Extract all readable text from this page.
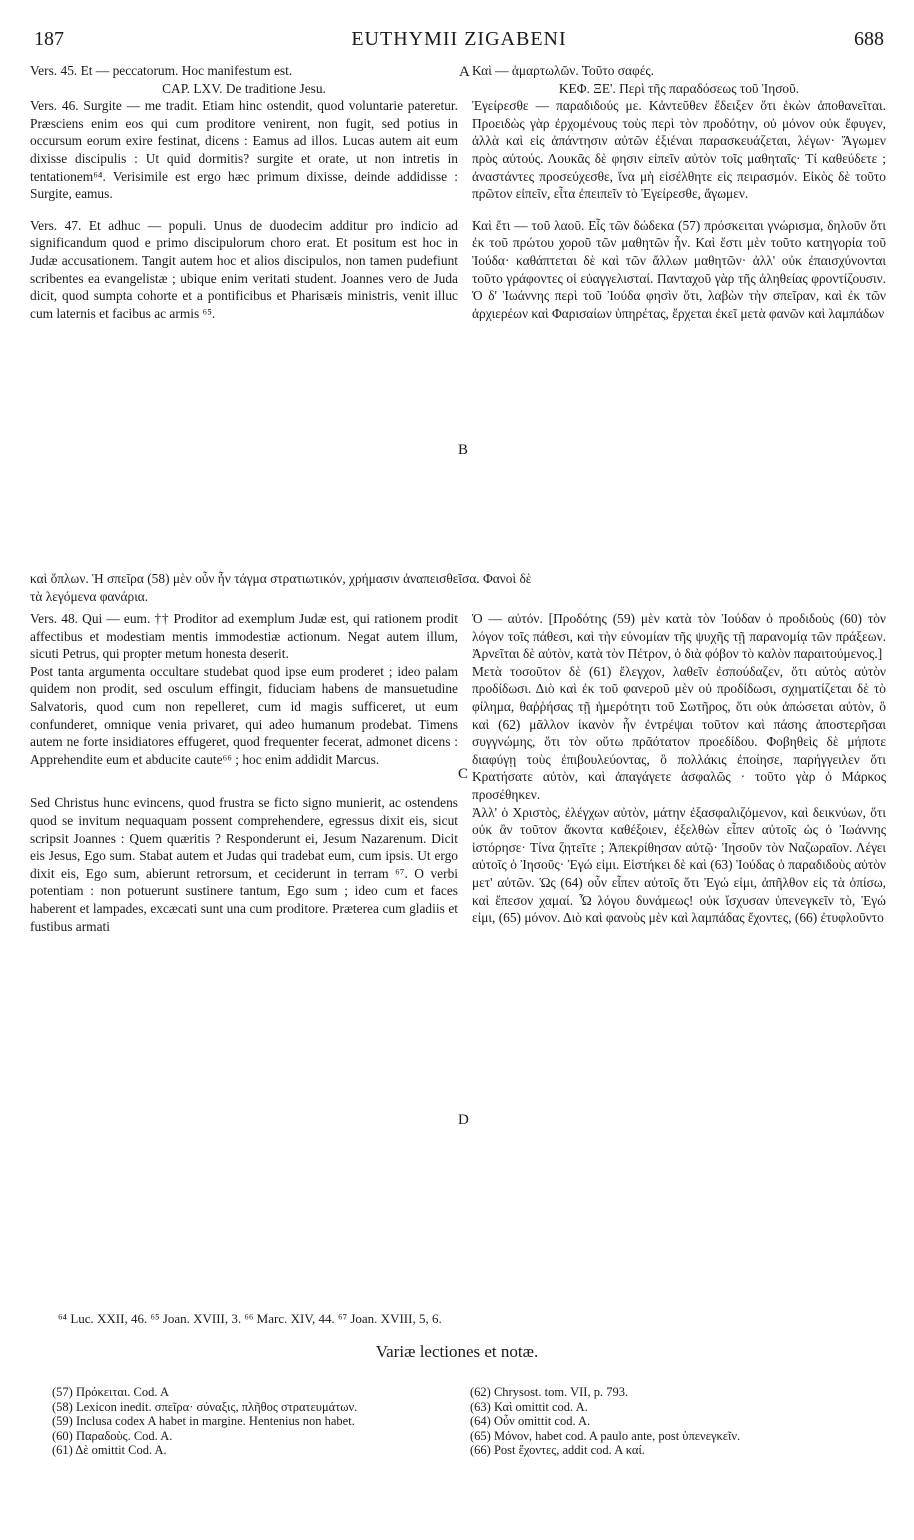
187	EUTHYMII ZIGABENI	688

Vers. 45. Et — peccatorum. Hoc manifestum est.

CAP. LXV. De traditione Jesu.

Vers. 46. Surgite — me tradit. Etiam hinc ostendit, quod voluntarie pateretur. Præsciens enim eos qui cum proditore venirent, non fugit, sed potius in occursum eorum exire festinat, dicens : Eamus ad illos. Lucas autem ait eum dixisse discipulis : Ut quid dormitis? surgite et orate, ut non intretis in tentationem⁶⁴. Verisimile est ergo hæc primum dixisse, deinde addidisse : Surgite, eamus.

Vers. 47. Et adhuc — populi. Unus de duodecim additur pro indicio ad significandum quod e primo discipulorum choro erat. Et positum est hoc in Judæ accusationem. Tangit autem hoc et alios discipulos, non tamen pudefiunt scribentes ea evangelistæ ; ubique enim veritati student. Joannes vero de Juda dicit, quod sumpta cohorte et a pontificibus et Pharisæis ministris, venit illuc cum laternis et facibus ac armis ⁶⁵.

καὶ ὅπλων. Ἡ σπεῖρα (58) μὲν οὖν ἦν τάγμα στρατιωτικόν, χρήμασιν ἀναπεισθεῖσα. Φανοὶ δὲ
τὰ λεγόμενα φανάρια.

Vers. 48. Qui — eum. †† Proditor ad exemplum Judæ est, qui rationem prodit affectibus et modestiam mentis immodestiæ actionum. Negat autem illum, sicuti Petrus, qui propter metum honesta deserit.

Post tanta argumenta occultare studebat quod ipse eum proderet ; ideo palam quidem non prodit, sed osculum effingit, fiduciam habens de mansuetudine Salvatoris, quod cum non repelleret, cum id magis sufficeret, ut eum confunderet, omnique venia privaret, qui adeo humanum prodebat. Timens autem ne forte insidiatores effugeret, quod frequenter fecerat, admonet dicens : Apprehendite eum et abducite caute⁶⁶ ; hoc enim addidit Marcus.

Sed Christus hunc evincens, quod frustra se ficto signo munierit, ac ostendens quod se invitum nequaquam possent comprehendere, egressus dixit eis, sicut scripsit Joannes : Quem quæritis ? Responderunt ei, Jesum Nazarenum. Dicit eis Jesus, Ego sum. Stabat autem et Judas qui tradebat eum, cum ipsis. Ut ergo dixit eis, Ego sum, abierunt retrorsum, et ceciderunt in terram ⁶⁷. O verbi potentiam : non potuerunt sustinere tantum, Ego sum ; ideo cum et faces haberent et lampades, excæcati sunt una cum proditore. Præterea cum gladiis et fustibus armati

Καὶ — ἁμαρτωλῶν. Τοῦτο σαφές.

ΚΕΦ. ΞΕ'. Περὶ τῆς παραδόσεως τοῦ Ἰησοῦ.

Ἐγείρεσθε — παραδιδούς με. Κἀντεῦθεν ἔδειξεν ὅτι ἑκὼν ἀποθανεῖται. Προειδὼς γὰρ ἐρχομένους τοὺς περὶ τὸν προδότην, οὐ μόνον οὐκ ἔφυγεν, ἀλλὰ καὶ εἰς ἀπάντησιν αὐτῶν ἐξιέναι παρασκευάζεται, λέγων· Ἄγωμεν πρὸς αὐτούς. Λουκᾶς δὲ φησιν εἰπεῖν αὐτὸν τοῖς μαθηταῖς· Τί καθεύδετε ; ἀναστάντες προσεύχεσθε, ἵνα μὴ εἰσέλθητε εἰς πειρασμόν. Εἰκὸς δὲ τοῦτο πρῶτον εἰπεῖν, εἶτα ἐπειπεῖν τὸ Ἐγείρεσθε, ἄγωμεν.

Καὶ ἔτι — τοῦ λαοῦ. Εἷς τῶν δώδεκα (57) πρόσκειται γνώρισμα, δηλοῦν ὅτι ἐκ τοῦ πρώτου χοροῦ τῶν μαθητῶν ἦν. Καὶ ἔστι μὲν τοῦτο κατηγορία τοῦ Ἰούδα· καθάπτεται δὲ καὶ τῶν ἄλλων μαθητῶν· ἀλλ' οὐκ ἐπαισχύνονται τοῦτο γράφοντες οἱ εὐαγγελισταί. Πανταχοῦ γὰρ τῆς ἀληθείας φροντίζουσιν. Ὁ δ' Ἰωάννης περὶ τοῦ Ἰούδα φησὶν ὅτι, λαβὼν τὴν σπεῖραν, καὶ ἐκ τῶν ἀρχιερέων καὶ Φαρισαίων ὑπηρέτας, ἔρχεται ἐκεῖ μετὰ φανῶν καὶ λαμπάδων

Ὁ — αὐτόν. [Προδότης (59) μὲν κατὰ τὸν Ἰούδαν ὁ προδιδοὺς (60) τὸν λόγον τοῖς πάθεσι, καὶ τὴν εὐνομίαν τῆς ψυχῆς τῇ παρανομίᾳ τῶν πράξεων. Ἀρνεῖται δὲ αὐτὸν, κατὰ τὸν Πέτρον, ὁ διὰ φόβον τὸ καλὸν παραιτούμενος.]

Μετὰ τοσοῦτον δὲ (61) ἔλεγχον, λαθεῖν ἐσπούδαζεν, ὅτι αὐτὸς αὐτὸν προδίδωσι. Διὸ καὶ ἐκ τοῦ φανεροῦ μὲν οὐ προδίδωσι, σχηματίζεται δὲ τὸ φίλημα, θαῤῥήσας τῇ ἡμερότητι τοῦ Σωτῆρος, ὅτι οὐκ ἀπώσεται αὐτὸν, ὃ καὶ (62) μᾶλλον ἱκανὸν ἦν ἐντρέψαι τοῦτον καὶ πάσης ἀποστερῆσαι συγγνώμης, ὅτι τὸν οὕτω πρᾶότατον προεδίδου. Φοβηθεὶς δὲ μήποτε διαφύγῃ τοὺς ἐπιβουλεύοντας, ὃ πολλάκις ἐποίησε, παρήγγειλεν ὅτι Κρατήσατε αὐτὸν, καὶ ἀπαγάγετε ἀσφαλῶς · τοῦτο γὰρ ὁ Μάρκος προσέθηκεν.

Ἀλλ' ὁ Χριστὸς, ἐλέγχων αὐτὸν, μάτην ἐξασφαλιζόμενον, καὶ δεικνύων, ὅτι οὐκ ἂν τοῦτον ἄκοντα καθέξοιεν, ἐξελθὼν εἶπεν αὐτοῖς ὡς ὁ Ἰωάννης ἱστόρησε· Τίνα ζητεῖτε ; Ἀπεκρίθησαν αὐτῷ· Ἰησοῦν τὸν Ναζωραῖον. Λέγει αὐτοῖς ὁ Ἰησοῦς· Ἐγώ εἰμι. Εἱστήκει δὲ καὶ (63) Ἰούδας ὁ παραδιδοὺς αὐτὸν μετ' αὐτῶν. Ὡς (64) οὖν εἶπεν αὐτοῖς ὅτι Ἐγώ εἰμι, ἀπῆλθον εἰς τὰ ὀπίσω, καὶ ἔπεσον χαμαί. Ὦ λόγου δυνάμεως! οὐκ ἴσχυσαν ὑπενεγκεῖν τὸ, Ἐγώ εἰμι, (65) μόνον. Διὸ καὶ φανοὺς μὲν καὶ λαμπάδας ἔχοντες, (66) ἐτυφλοῦντο

A
B
C
D
⁶⁴ Luc. XXII, 46. ⁶⁵ Joan. XVIII, 3. ⁶⁶ Marc. XIV, 44. ⁶⁷ Joan. XVIII, 5, 6.
Variæ lectiones et notæ.
(57) Πρόκειται. Cod. A
(58) Lexicon inedit. σπεῖρα· σύναξις, πλῆθος στρατευμάτων.
(59) Inclusa codex A habet in margine. Hentenius non habet.
(60) Παραδοὺς. Cod. A.
(61) Δὲ omittit Cod. A.
(62) Chrysost. tom. VII, p. 793.
(63) Καὶ omittit cod. A.
(64) Οὖν omittit cod. A.
(65) Μόνον, habet cod. A paulo ante, post ὑπενεγκεῖν.
(66) Post ἔχοντες, addit cod. A καί.
